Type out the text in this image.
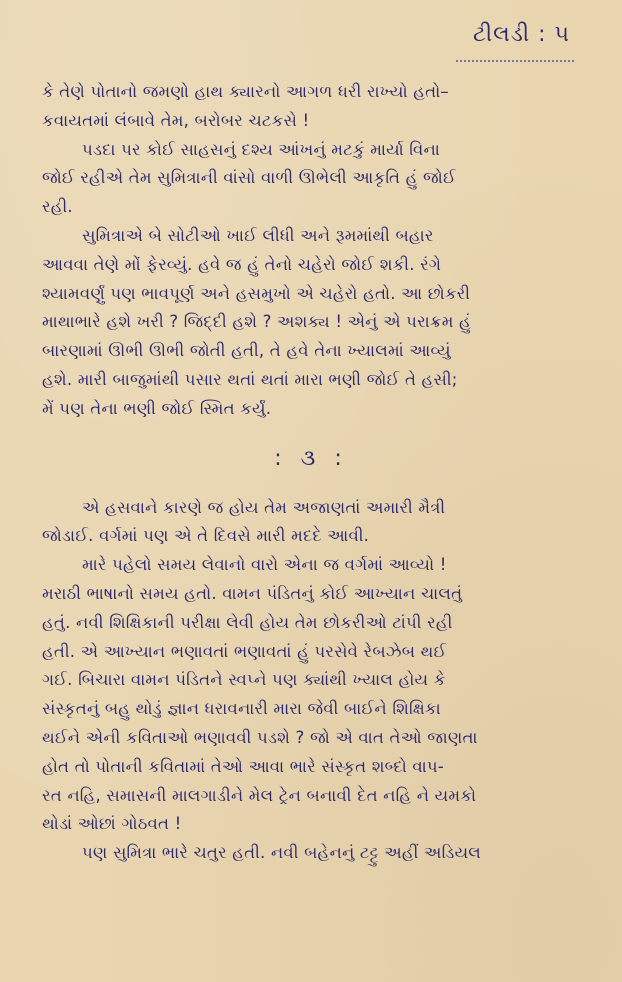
ટીલડી : ૫
કે તેણે પોતાનો જમણો હાથ ક્યારનો આગળ ધરી રાખ્યો હતો–
કવાયતમાં લંબાવે તેમ, બરોબર ચટકસે !
પડદા પર કોઈ સાહસનું દશ્ય આંખનું મટકું માર્યા વિના
જોઈ રહીએ તેમ સુમિત્રાની વાંસો વાળી ઊભેલી આકૃતિ હું જોઈ
રહી.
સુમિત્રાએ બે સોટીઓ ખાઈ લીધી અને રૂમમાંથી બહાર
આવવા તેણે મોં ફેરવ્યું. હવે જ હું તેનો ચહેરો જોઈ શકી. રંગે
શ્યામવર્ણું પણ ભાવપૂર્ણ અને હસમુખો એ ચહેરો હતો. આ છોકરી
માથાભારે હશે ખરી ? જિદ્દી હશે ? અશક્ય ! એનું એ પરાક્રમ હું
બારણામાં ઊભી ઊભી જોતી હતી, તે હવે તેના ખ્યાલમાં આવ્યું
હશે. મારી બાજુમાંથી પસાર થતાં થતાં મારા ભણી જોઈ તે હસી;
મેં પણ તેના ભણી જોઈ સ્મિત કર્યું.
: ૩ :
એ હસવાને કારણે જ હોય તેમ અજાણતાં અમારી મૈત્રી
જોડાઈ. વર્ગમાં પણ એ તે દિવસે મારી મદદે આવી.
મારે પહેલો સમય લેવાનો વારો એના જ વર્ગમાં આવ્યો !
મરાઠી ભાષાનો સમય હતો. વામન પંડિતનું કોઈ આખ્યાન ચાલતું
હતું. નવી શિક્ષિકાની પરીક્ષા લેવી હોય તેમ છોકરીઓ ટાંપી રહી
હતી. એ આખ્યાન ભણાવતાં ભણાવતાં હું પરસેવે રેબઝેબ થઈ
ગઈ. બિચારા વામન પંડિતને સ્વપ્ને પણ ક્યાંથી ખ્યાલ હોય કે
સંસ્કૃતનું બહુ થોડું જ્ઞાન ધરાવનારી મારા જેવી બાઈને શિક્ષિકા
થઈને એની કવિતાઓ ભણાવવી પડશે ? જો એ વાત તેઓ જાણતા
હોત તો પોતાની કવિતામાં તેઓ આવા ભારે સંસ્કૃત શબ્દો વાપ-
રત નહિ, સમાસની માલગાડીને મેલ ટ્રેન બનાવી દેત નહિ ને યમકો
થોડાં ઓછાં ગોઠવત !
પણ સુમિત્રા ભારે ચતુર હતી. નવી બહેનનું ટટ્ટુ અહીં અડિયલ
